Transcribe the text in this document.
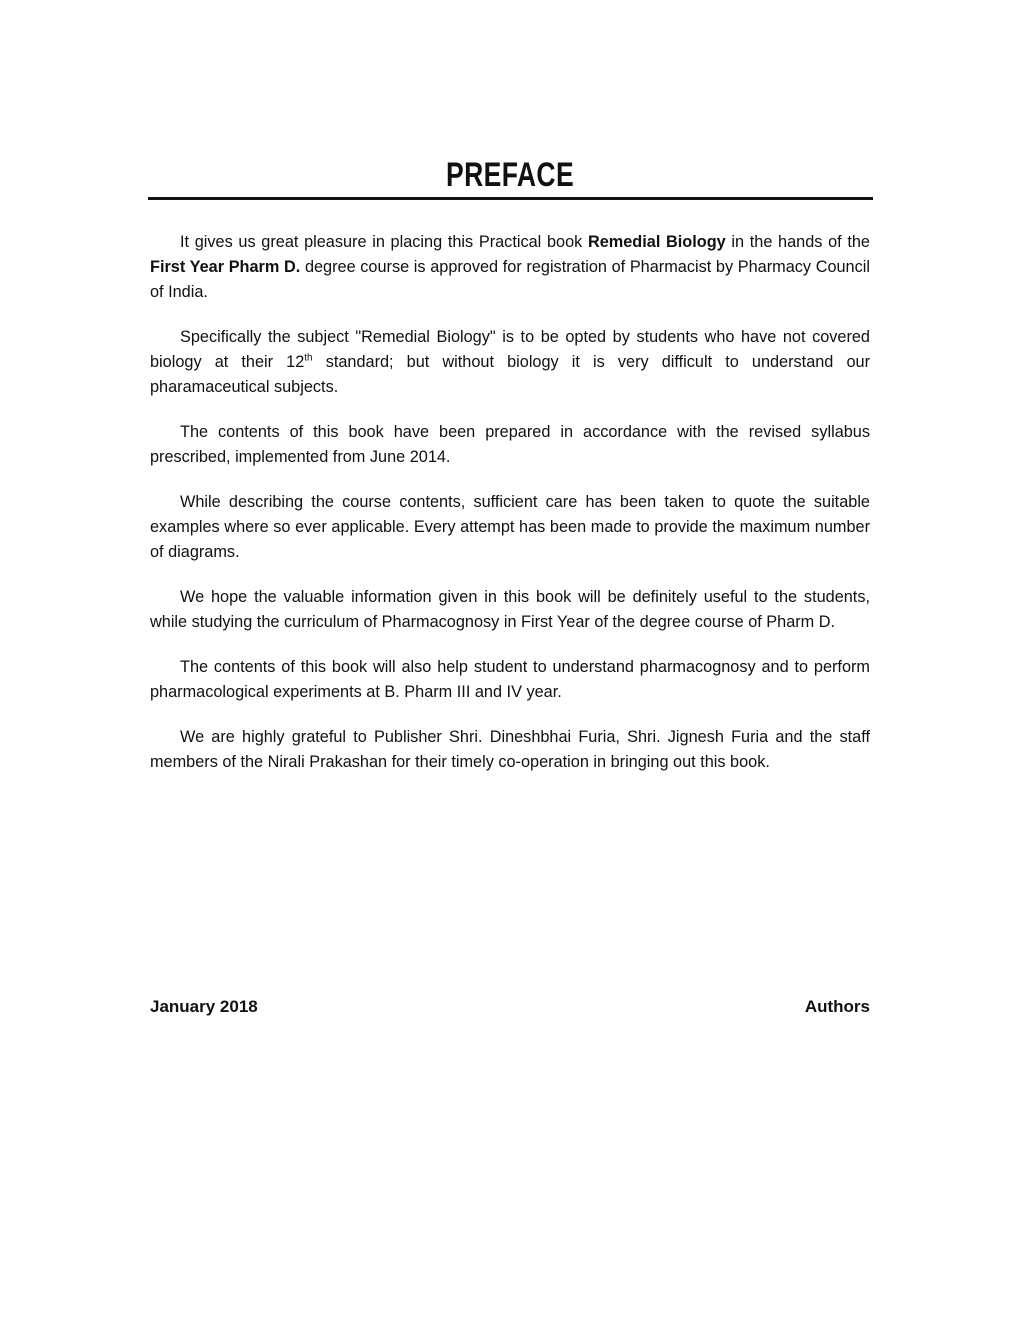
PREFACE

It gives us great pleasure in placing this Practical book Remedial Biology in the hands of the First Year Pharm D. degree course is approved for registration of Pharmacist by Pharmacy Council of India.

Specifically the subject "Remedial Biology" is to be opted by students who have not covered biology at their 12th standard; but without biology it is very difficult to understand our pharamaceutical subjects.

The contents of this book have been prepared in accordance with the revised syllabus prescribed, implemented from June 2014.

While describing the course contents, sufficient care has been taken to quote the suitable examples where so ever applicable. Every attempt has been made to provide the maximum number of diagrams.

We hope the valuable information given in this book will be definitely useful to the students, while studying the curriculum of Pharmacognosy in First Year of the degree course of Pharm D.

The contents of this book will also help student to understand pharmacognosy and to perform pharmacological experiments at B. Pharm III and IV year.

We are highly grateful to Publisher Shri. Dineshbhai Furia, Shri. Jignesh Furia and the staff members of the Nirali Prakashan for their timely co-operation in bringing out this book.

January 2018	Authors
